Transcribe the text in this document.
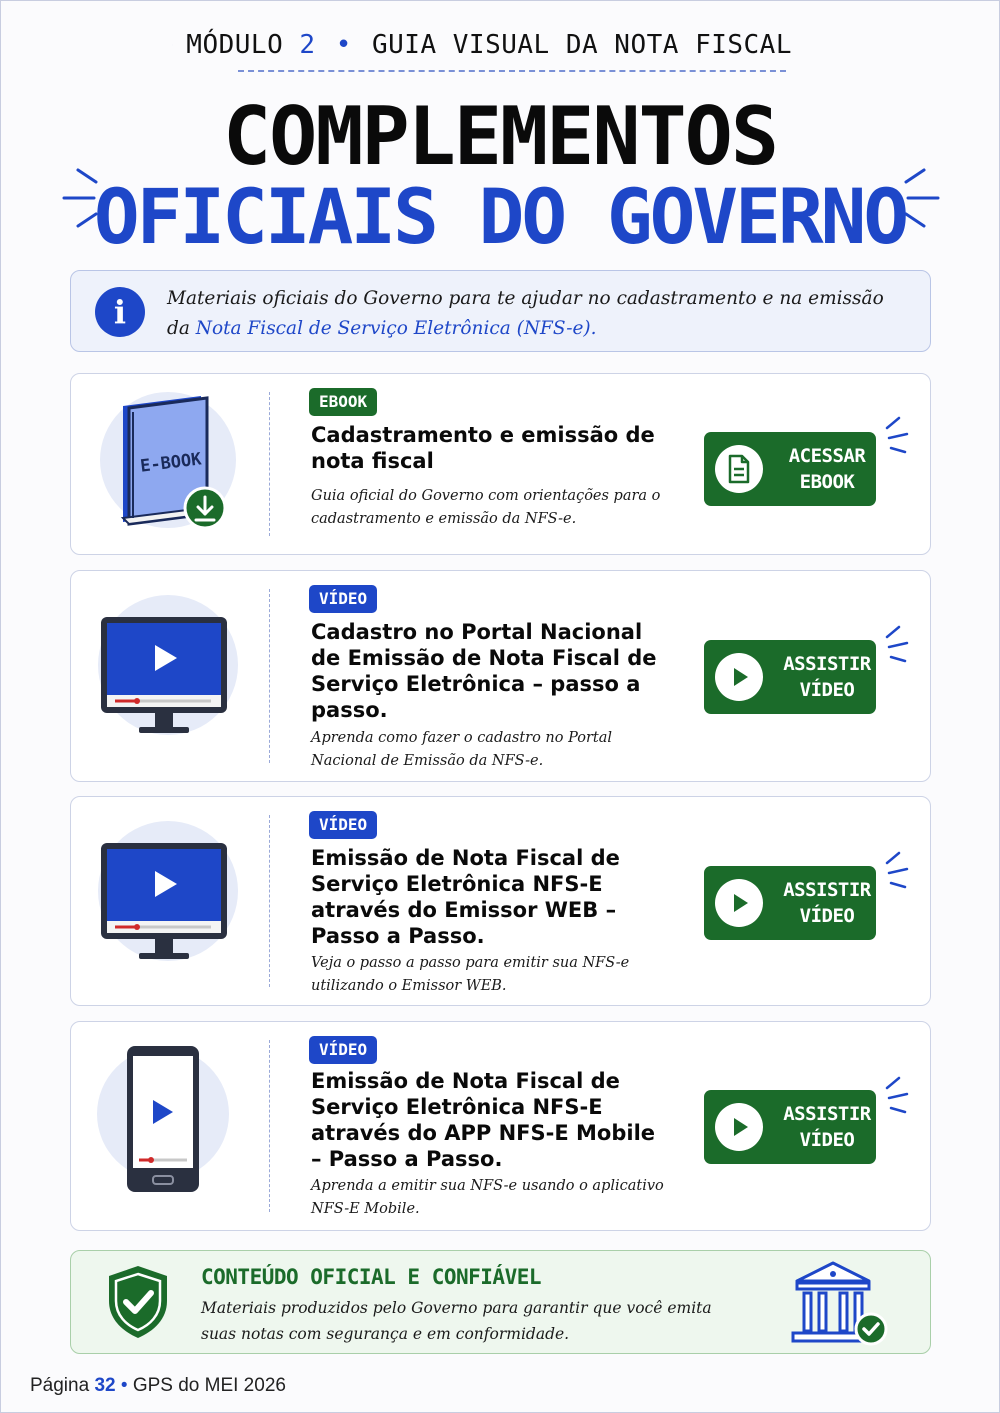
MÓDULO 2 • GUIA VISUAL DA NOTA FISCAL
COMPLEMENTOS
OFICIAIS DO GOVERNO
i	Materiais oficiais do Governo para te ajudar no cadastramento e na emissão da Nota Fiscal de Serviço Eletrônica (NFS-e).
E-BOOK
EBOOK
Cadastramento e emissão de nota fiscal
Guia oficial do Governo com orientações para o cadastramento e emissão da NFS-e.
ACESSAR
EBOOK
VÍDEO
Cadastro no Portal Nacional de Emissão de Nota Fiscal de Serviço Eletrônica – passo a passo.
Aprenda como fazer o cadastro no Portal Nacional de Emissão da NFS-e.
ASSISTIR
VÍDEO
VÍDEO
Emissão de Nota Fiscal de Serviço Eletrônica NFS-E através do Emissor WEB – Passo a Passo.
Veja o passo a passo para emitir sua NFS-e utilizando o Emissor WEB.
ASSISTIR
VÍDEO
VÍDEO
Emissão de Nota Fiscal de Serviço Eletrônica NFS-E através do APP NFS-E Mobile – Passo a Passo.
Aprenda a emitir sua NFS-e usando o aplicativo NFS-E Mobile.
ASSISTIR
VÍDEO
CONTEÚDO OFICIAL E CONFIÁVEL
Materiais produzidos pelo Governo para garantir que você emita suas notas com segurança e em conformidade.
Página 32 • GPS do MEI 2026
